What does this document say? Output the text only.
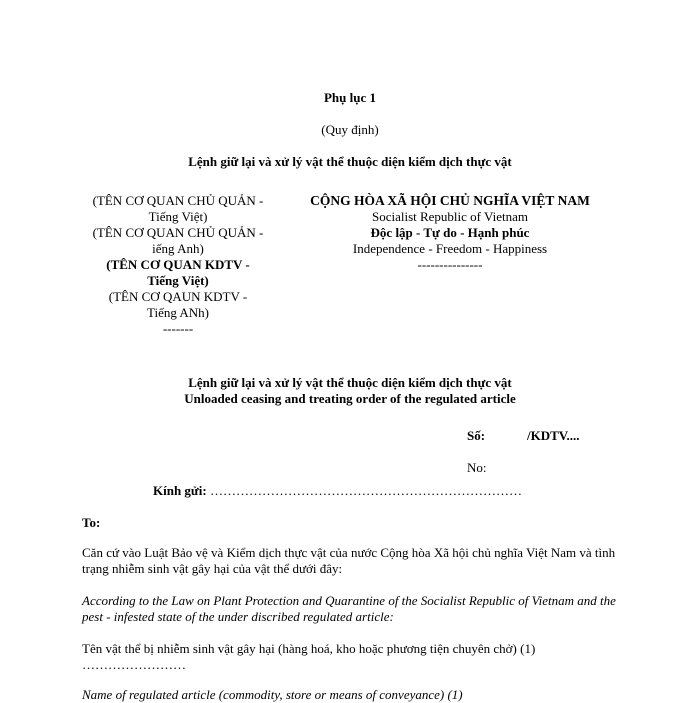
Phụ lục 1
(Quy định)
Lệnh giữ lại và xử lý vật thể thuộc diện kiểm dịch thực vật
(TÊN CƠ QUAN CHỦ QUẢN -
Tiếng Việt)
(TÊN CƠ QUAN CHỦ QUẢN -
iếng Anh)
(TÊN CƠ QUAN KDTV -
Tiếng Việt)
(TÊN CƠ QAUN KDTV -
Tiếng ANh)
-------
CỘNG HÒA XÃ HỘI CHỦ NGHĨA VIỆT NAM
Socialist Republic of Vietnam
Độc lập - Tự do - Hạnh phúc
Independence - Freedom - Happiness
---------------
Lệnh giữ lại và xử lý vật thể thuộc diện kiểm dịch thực vật
Unloaded ceasing and treating order of the regulated article
Số:	/KDTV....
No:
Kính gửi: ………………………………………………………………
To:
Căn cứ vào Luật Bảo vệ và Kiểm dịch thực vật của nước Cộng hòa Xã hội chủ nghĩa Việt Nam và tình trạng nhiễm sinh vật gây hại của vật thể dưới đây:
According to the Law on Plant Protection and Quarantine of the Socialist Republic of Vietnam and the pest - infested state of the under discribed regulated article:
Tên vật thể bị nhiễm sinh vật gây hại (hàng hoá, kho hoặc phương tiện chuyên chở) (1)
……………………
Name of regulated article (commodity, store or means of conveyance) (1)
